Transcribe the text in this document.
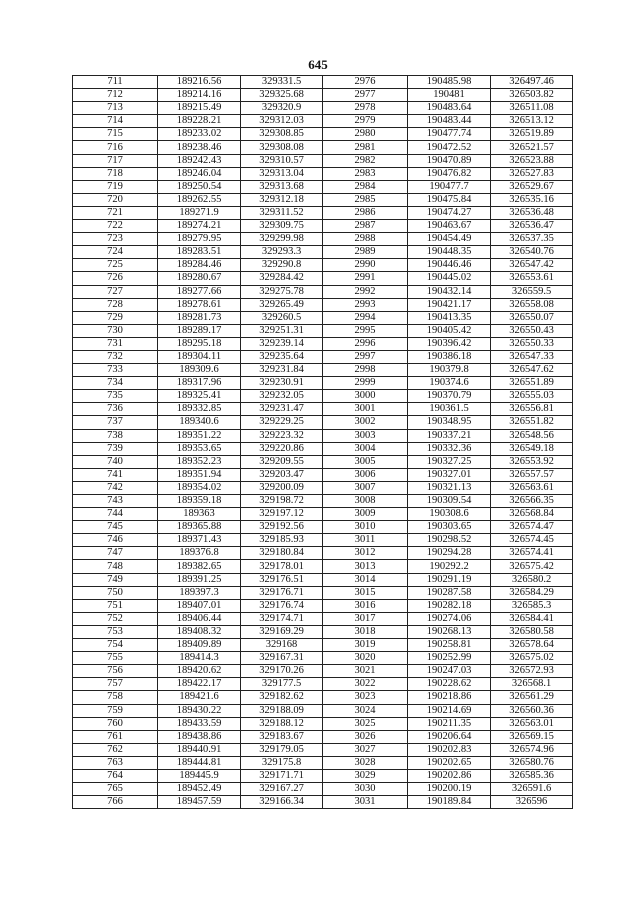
645
711	189216.56	329331.5	2976	190485.98	326497.46
712	189214.16	329325.68	2977	190481	326503.82
713	189215.49	329320.9	2978	190483.64	326511.08
714	189228.21	329312.03	2979	190483.44	326513.12
715	189233.02	329308.85	2980	190477.74	326519.89
716	189238.46	329308.08	2981	190472.52	326521.57
717	189242.43	329310.57	2982	190470.89	326523.88
718	189246.04	329313.04	2983	190476.82	326527.83
719	189250.54	329313.68	2984	190477.7	326529.67
720	189262.55	329312.18	2985	190475.84	326535.16
721	189271.9	329311.52	2986	190474.27	326536.48
722	189274.21	329309.75	2987	190463.67	326536.47
723	189279.95	329299.98	2988	190454.49	326537.35
724	189283.51	329293.3	2989	190448.35	326540.76
725	189284.46	329290.8	2990	190446.46	326547.42
726	189280.67	329284.42	2991	190445.02	326553.61
727	189277.66	329275.78	2992	190432.14	326559.5
728	189278.61	329265.49	2993	190421.17	326558.08
729	189281.73	329260.5	2994	190413.35	326550.07
730	189289.17	329251.31	2995	190405.42	326550.43
731	189295.18	329239.14	2996	190396.42	326550.33
732	189304.11	329235.64	2997	190386.18	326547.33
733	189309.6	329231.84	2998	190379.8	326547.62
734	189317.96	329230.91	2999	190374.6	326551.89
735	189325.41	329232.05	3000	190370.79	326555.03
736	189332.85	329231.47	3001	190361.5	326556.81
737	189340.6	329229.25	3002	190348.95	326551.82
738	189351.22	329223.32	3003	190337.21	326548.56
739	189353.65	329220.86	3004	190332.36	326549.18
740	189352.23	329209.55	3005	190327.25	326553.92
741	189351.94	329203.47	3006	190327.01	326557.57
742	189354.02	329200.09	3007	190321.13	326563.61
743	189359.18	329198.72	3008	190309.54	326566.35
744	189363	329197.12	3009	190308.6	326568.84
745	189365.88	329192.56	3010	190303.65	326574.47
746	189371.43	329185.93	3011	190298.52	326574.45
747	189376.8	329180.84	3012	190294.28	326574.41
748	189382.65	329178.01	3013	190292.2	326575.42
749	189391.25	329176.51	3014	190291.19	326580.2
750	189397.3	329176.71	3015	190287.58	326584.29
751	189407.01	329176.74	3016	190282.18	326585.3
752	189406.44	329174.71	3017	190274.06	326584.41
753	189408.32	329169.29	3018	190268.13	326580.58
754	189409.89	329168	3019	190258.81	326578.64
755	189414.3	329167.31	3020	190252.99	326575.02
756	189420.62	329170.26	3021	190247.03	326572.93
757	189422.17	329177.5	3022	190228.62	326568.1
758	189421.6	329182.62	3023	190218.86	326561.29
759	189430.22	329188.09	3024	190214.69	326560.36
760	189433.59	329188.12	3025	190211.35	326563.01
761	189438.86	329183.67	3026	190206.64	326569.15
762	189440.91	329179.05	3027	190202.83	326574.96
763	189444.81	329175.8	3028	190202.65	326580.76
764	189445.9	329171.71	3029	190202.86	326585.36
765	189452.49	329167.27	3030	190200.19	326591.6
766	189457.59	329166.34	3031	190189.84	326596
